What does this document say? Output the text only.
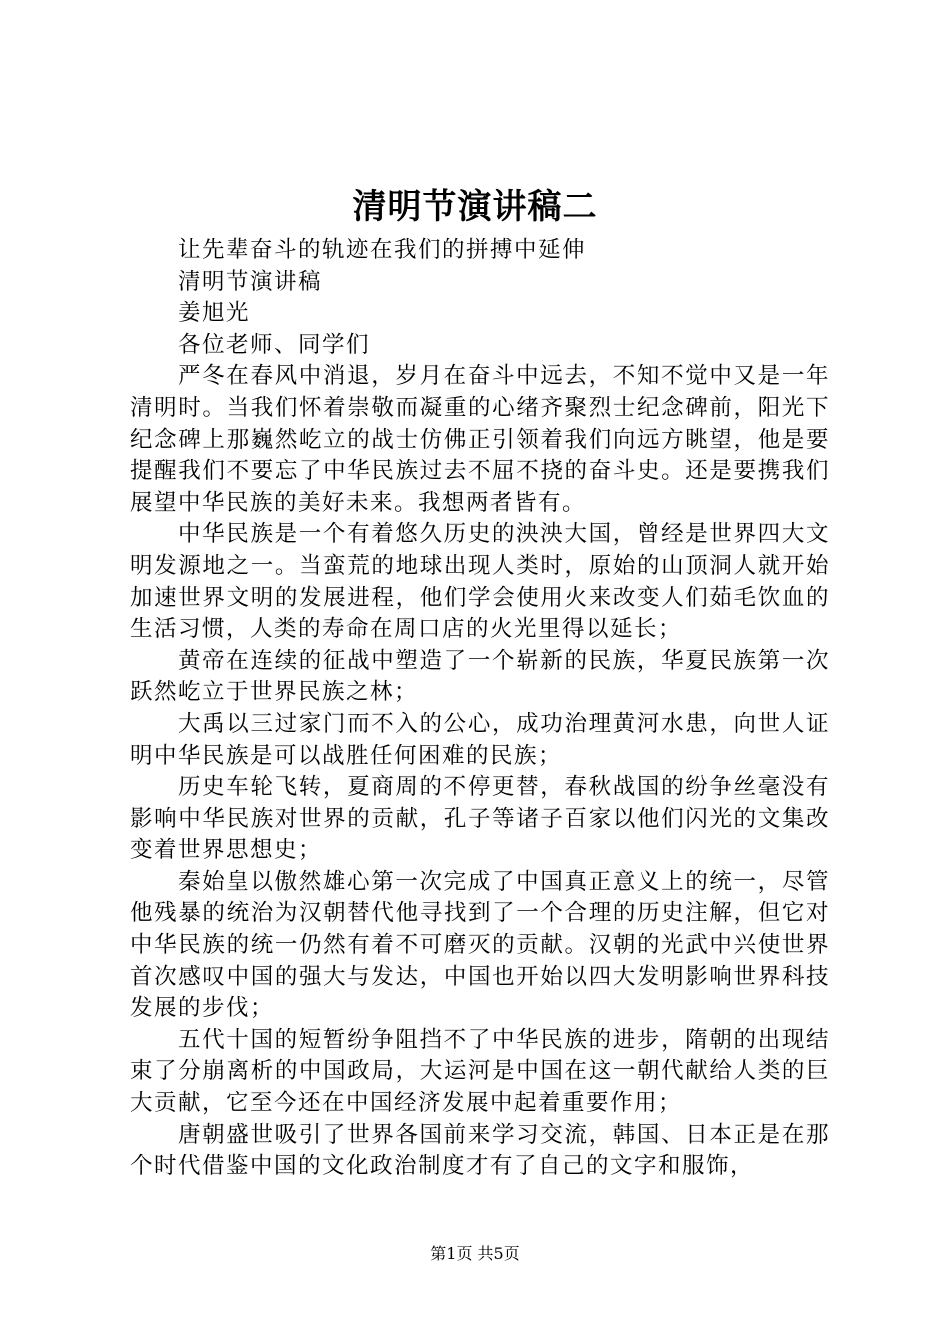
清明节演讲稿二

让先辈奋斗的轨迹在我们的拼搏中延伸

清明节演讲稿

姜旭光

各位老师、同学们

严冬在春风中消退，岁月在奋斗中远去，不知不觉中又是一年清明时。当我们怀着崇敬而凝重的心绪齐聚烈士纪念碑前，阳光下纪念碑上那巍然屹立的战士仿佛正引领着我们向远方眺望，他是要提醒我们不要忘了中华民族过去不屈不挠的奋斗史。还是要携我们展望中华民族的美好未来。我想两者皆有。

中华民族是一个有着悠久历史的泱泱大国，曾经是世界四大文明发源地之一。当蛮荒的地球出现人类时，原始的山顶洞人就开始加速世界文明的发展进程，他们学会使用火来改变人们茹毛饮血的生活习惯，人类的寿命在周口店的火光里得以延长；

黄帝在连续的征战中塑造了一个崭新的民族，华夏民族第一次跃然屹立于世界民族之林；

大禹以三过家门而不入的公心，成功治理黄河水患，向世人证明中华民族是可以战胜任何困难的民族；

历史车轮飞转，夏商周的不停更替，春秋战国的纷争丝毫没有影响中华民族对世界的贡献，孔子等诸子百家以他们闪光的文集改变着世界思想史；

秦始皇以傲然雄心第一次完成了中国真正意义上的统一，尽管他残暴的统治为汉朝替代他寻找到了一个合理的历史注解，但它对中华民族的统一仍然有着不可磨灭的贡献。汉朝的光武中兴使世界首次感叹中国的强大与发达，中国也开始以四大发明影响世界科技发展的步伐；

五代十国的短暂纷争阻挡不了中华民族的进步，隋朝的出现结束了分崩离析的中国政局，大运河是中国在这一朝代献给人类的巨大贡献，它至今还在中国经济发展中起着重要作用；

唐朝盛世吸引了世界各国前来学习交流，韩国、日本正是在那个时代借鉴中国的文化政治制度才有了自己的文字和服饰，

第1页 共5页
